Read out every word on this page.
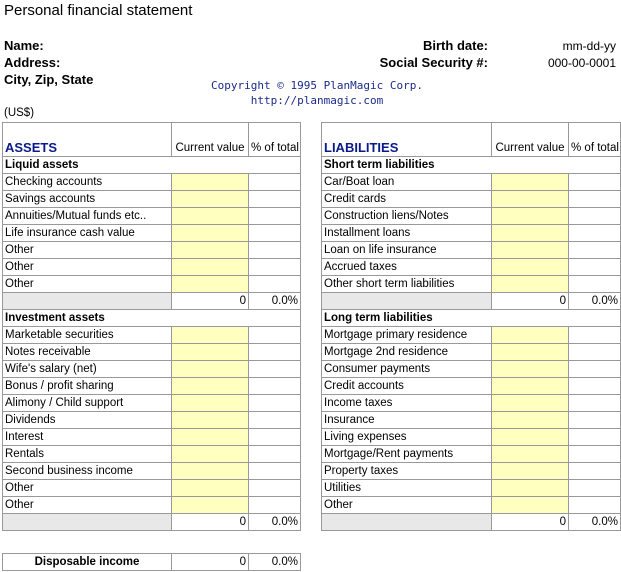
Personal financial statement
Name:
Address:
City, Zip, State
Birth date:	mm-dd-yy
Social Security #:	000-00-0001
Copyright © 1995 PlanMagic Corp.
http://planmagic.com
(US$)
ASSETS	Current value	% of total
Liquid assets		
Checking accounts		
Savings accounts		
Annuities/Mutual funds etc..		
Life insurance cash value		
Other		
Other		
Other		
	0	0.0%
Investment assets		
Marketable securities		
Notes receivable		
Wife's salary (net)		
Bonus / profit sharing		
Alimony / Child support		
Dividends		
Interest		
Rentals		
Second business income		
Other		
Other		
	0	0.0%
LIABILITIES	Current value	% of total
Short term liabilities		
Car/Boat loan		
Credit cards		
Construction liens/Notes		
Installment loans		
Loan on life insurance		
Accrued taxes		
Other short term liabilities		
	0	0.0%
Long term liabilities		
Mortgage primary residence		
Mortgage 2nd residence		
Consumer payments		
Credit accounts		
Income taxes		
Insurance		
Living expenses		
Mortgage/Rent payments		
Property taxes		
Utilities		
Other		
	0	0.0%
Disposable income	0	0.0%
